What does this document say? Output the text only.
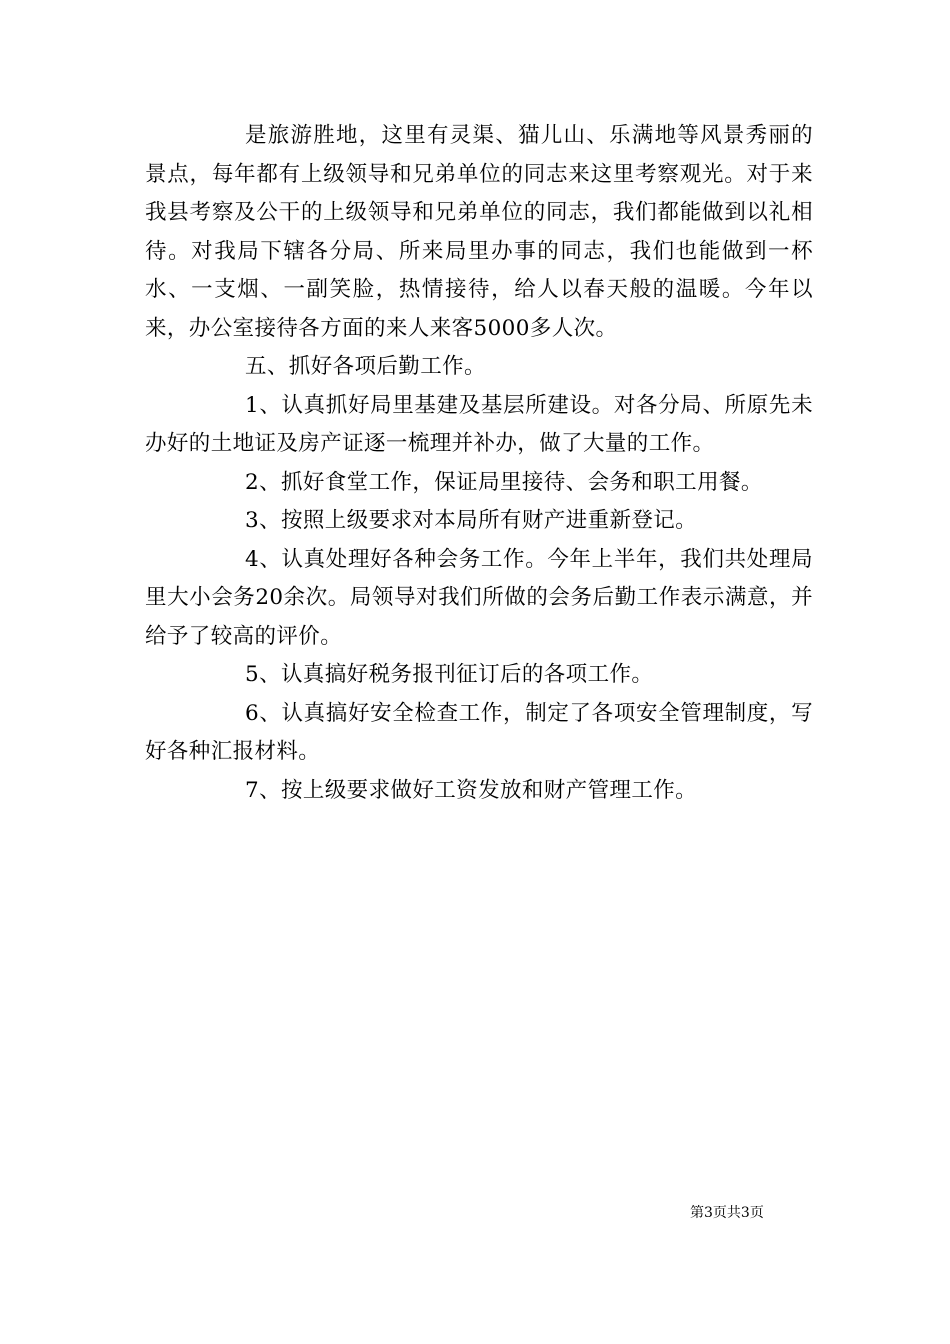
是旅游胜地，这里有灵渠、猫儿山、乐满地等风景秀丽的景点，每年都有上级领导和兄弟单位的同志来这里考察观光。对于来我县考察及公干的上级领导和兄弟单位的同志，我们都能做到以礼相待。对我局下辖各分局、所来局里办事的同志，我们也能做到一杯水、一支烟、一副笑脸，热情接待，给人以春天般的温暖。今年以来，办公室接待各方面的来人来客5000多人次。

五、抓好各项后勤工作。

1、认真抓好局里基建及基层所建设。对各分局、所原先未办好的土地证及房产证逐一梳理并补办，做了大量的工作。

2、抓好食堂工作，保证局里接待、会务和职工用餐。

3、按照上级要求对本局所有财产进重新登记。

4、认真处理好各种会务工作。今年上半年，我们共处理局里大小会务20余次。局领导对我们所做的会务后勤工作表示满意，并给予了较高的评价。

5、认真搞好税务报刊征订后的各项工作。

6、认真搞好安全检查工作，制定了各项安全管理制度，写好各种汇报材料。

7、按上级要求做好工资发放和财产管理工作。

第3页共3页
